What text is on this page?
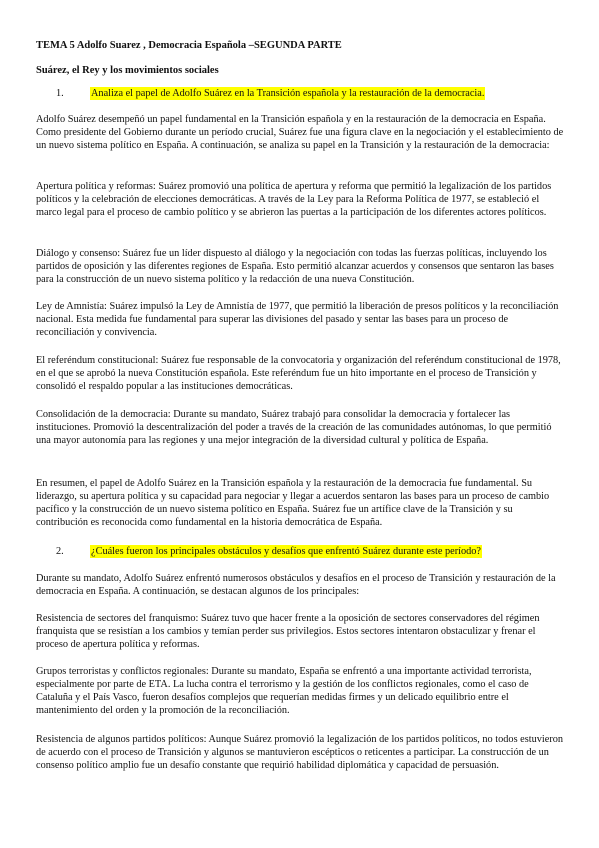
TEMA 5 Adolfo Suarez , Democracia Española –SEGUNDA PARTE
Suárez, el Rey y los movimientos sociales
1.	Analiza el papel de Adolfo Suárez en la Transición española y la restauración de la democracia.
Adolfo Suárez desempeñó un papel fundamental en la Transición española y en la restauración de la democracia en España. Como presidente del Gobierno durante un período crucial, Suárez fue una figura clave en la negociación y el establecimiento de un nuevo sistema político en España. A continuación, se analiza su papel en la Transición y la restauración de la democracia:
Apertura política y reformas: Suárez promovió una política de apertura y reforma que permitió la legalización de los partidos políticos y la celebración de elecciones democráticas. A través de la Ley para la Reforma Política de 1977, se estableció el marco legal para el proceso de cambio político y se abrieron las puertas a la participación de los diferentes actores políticos.
Diálogo y consenso: Suárez fue un líder dispuesto al diálogo y la negociación con todas las fuerzas políticas, incluyendo los partidos de oposición y las diferentes regiones de España. Esto permitió alcanzar acuerdos y consensos que sentaron las bases para la construcción de un nuevo sistema político y la redacción de una nueva Constitución.
Ley de Amnistía: Suárez impulsó la Ley de Amnistía de 1977, que permitió la liberación de presos políticos y la reconciliación nacional. Esta medida fue fundamental para superar las divisiones del pasado y sentar las bases para un proceso de reconciliación y convivencia.
El referéndum constitucional: Suárez fue responsable de la convocatoria y organización del referéndum constitucional de 1978, en el que se aprobó la nueva Constitución española. Este referéndum fue un hito importante en el proceso de Transición y consolidó el respaldo popular a las instituciones democráticas.
Consolidación de la democracia: Durante su mandato, Suárez trabajó para consolidar la democracia y fortalecer las instituciones. Promovió la descentralización del poder a través de la creación de las comunidades autónomas, lo que permitió una mayor autonomía para las regiones y una mejor integración de la diversidad cultural y política de España.
En resumen, el papel de Adolfo Suárez en la Transición española y la restauración de la democracia fue fundamental. Su liderazgo, su apertura política y su capacidad para negociar y llegar a acuerdos sentaron las bases para un proceso de cambio pacífico y la construcción de un nuevo sistema político en España. Suárez fue un artífice clave de la Transición y su contribución es reconocida como fundamental en la historia democrática de España.
2.	¿Cuáles fueron los principales obstáculos y desafíos que enfrentó Suárez durante este período?
Durante su mandato, Adolfo Suárez enfrentó numerosos obstáculos y desafíos en el proceso de Transición y restauración de la democracia en España. A continuación, se destacan algunos de los principales:
Resistencia de sectores del franquismo: Suárez tuvo que hacer frente a la oposición de sectores conservadores del régimen franquista que se resistían a los cambios y temían perder sus privilegios. Estos sectores intentaron obstaculizar y frenar el proceso de apertura política y reformas.
Grupos terroristas y conflictos regionales: Durante su mandato, España se enfrentó a una importante actividad terrorista, especialmente por parte de ETA. La lucha contra el terrorismo y la gestión de los conflictos regionales, como el caso de Cataluña y el País Vasco, fueron desafíos complejos que requerían medidas firmes y un delicado equilibrio entre el mantenimiento del orden y la promoción de la reconciliación.
Resistencia de algunos partidos políticos: Aunque Suárez promovió la legalización de los partidos políticos, no todos estuvieron de acuerdo con el proceso de Transición y algunos se mantuvieron escépticos o reticentes a participar. La construcción de un consenso político amplio fue un desafío constante que requirió habilidad diplomática y capacidad de persuasión.
